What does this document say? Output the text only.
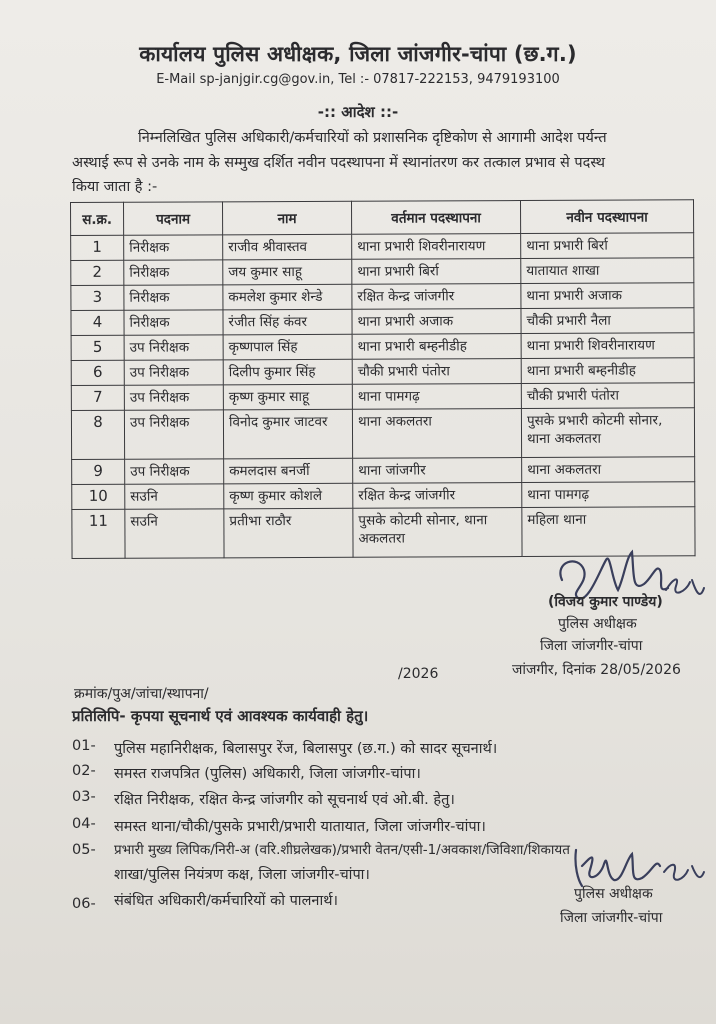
कार्यालय पुलिस अधीक्षक, जिला जांजगीर-चांपा (छ.ग.)
E-Mail sp-janjgir.cg@gov.in, Tel :- 07817-222153, 9479193100
-:: आदेश ::-
निम्नलिखित पुलिस अधिकारी/कर्मचारियों को प्रशासनिक दृष्टिकोण से आगामी आदेश पर्यन्त
अस्थाई रूप से उनके नाम के सम्मुख दर्शित नवीन पदस्थापना में स्थानांतरण कर तत्काल प्रभाव से पदस्थ
किया जाता है :-
स.क्र.	पदनाम	नाम	वर्तमान पदस्थापना	नवीन पदस्थापना
1	निरीक्षक	राजीव श्रीवास्तव	थाना प्रभारी शिवरीनारायण	थाना प्रभारी बिर्रा
2	निरीक्षक	जय कुमार साहू	थाना प्रभारी बिर्रा	यातायात शाखा
3	निरीक्षक	कमलेश कुमार शेन्डे	रक्षित केन्द्र जांजगीर	थाना प्रभारी अजाक
4	निरीक्षक	रंजीत सिंह कंवर	थाना प्रभारी अजाक	चौकी प्रभारी नैला
5	उप निरीक्षक	कृष्णपाल सिंह	थाना प्रभारी बम्हनीडीह	थाना प्रभारी शिवरीनारायण
6	उप निरीक्षक	दिलीप कुमार सिंह	चौकी प्रभारी पंतोरा	थाना प्रभारी बम्हनीडीह
7	उप निरीक्षक	कृष्ण कुमार साहू	थाना पामगढ़	चौकी प्रभारी पंतोरा
8	उप निरीक्षक	विनोद कुमार जाटवर	थाना अकलतरा	पुसके प्रभारी कोटमी सोनार, थाना अकलतरा
9	उप निरीक्षक	कमलदास बनर्जी	थाना जांजगीर	थाना अकलतरा
10	सउनि	कृष्ण कुमार कोशले	रक्षित केन्द्र जांजगीर	थाना पामगढ़
11	सउनि	प्रतीभा राठौर	पुसके कोटमी सोनार, थाना अकलतरा	महिला थाना
(विजय कुमार पाण्डेय)
पुलिस अधीक्षक
जिला जांजगीर-चांपा
जांजगीर, दिनांक 28/05/2026
/2026
क्रमांक/पुअ/जांचा/स्थापना/
प्रतिलिपि- कृपया सूचनार्थ एवं आवश्यक कार्यवाही हेतु।
01- पुलिस महानिरीक्षक, बिलासपुर रेंज, बिलासपुर (छ.ग.) को सादर सूचनार्थ।
02- समस्त राजपत्रित (पुलिस) अधिकारी, जिला जांजगीर-चांपा।
03- रक्षित निरीक्षक, रक्षित केन्द्र जांजगीर को सूचनार्थ एवं ओ.बी. हेतु।
04- समस्त थाना/चौकी/पुसके प्रभारी/प्रभारी यातायात, जिला जांजगीर-चांपा।
05- प्रभारी मुख्य लिपिक/निरी-अ (वरि.शीघ्रलेखक)/प्रभारी वेतन/एसी-1/अवकाश/जिविशा/शिकायत
शाखा/पुलिस नियंत्रण कक्ष, जिला जांजगीर-चांपा।
06- संबंधित अधिकारी/कर्मचारियों को पालनार्थ।	पुलिस अधीक्षक
जिला जांजगीर-चांपा
